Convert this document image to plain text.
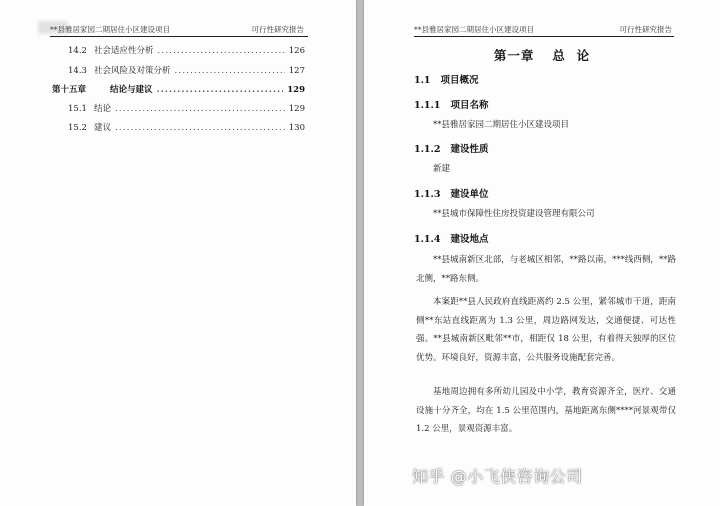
**县雅居家园二期居住小区建设项目	可行性研究报告
14.2 社会适应性分析 .....	126
14.3 社会风险及对策分析 .....	127
第十五章	结论与建议 .....	129
15.1 结论 .....	129
15.2 建议 .....	130
**县雅居家园二期居住小区建设项目	可行性研究报告
第一章 总  论
1.1 项目概况
1.1.1 项目名称
**县雅居家园二期居住小区建设项目
1.1.2 建设性质
新建
1.1.3 建设单位
**县城市保障性住房投资建设管理有限公司
1.1.4 建设地点
**县城南新区北部，与老城区相邻，**路以南，***线西侧，**路北侧，**路东侧。
本案距**县人民政府直线距离约 2.5 公里，紧邻城市干道，距南侧**东站直线距离为 1.3 公里，周边路网发达，交通便捷、可达性强。**县城南新区毗邻**市，相距仅 18 公里，有着得天独厚的区位优势。环境良好，资源丰富，公共服务设施配套完善。
基地周边拥有多所幼儿园及中小学，教育资源齐全，医疗、交通设施十分齐全，均在 1.5 公里范围内，基地距离东侧****河景观带仅 1.2 公里，景观资源丰富。
知乎 @小飞侠咨询公司
